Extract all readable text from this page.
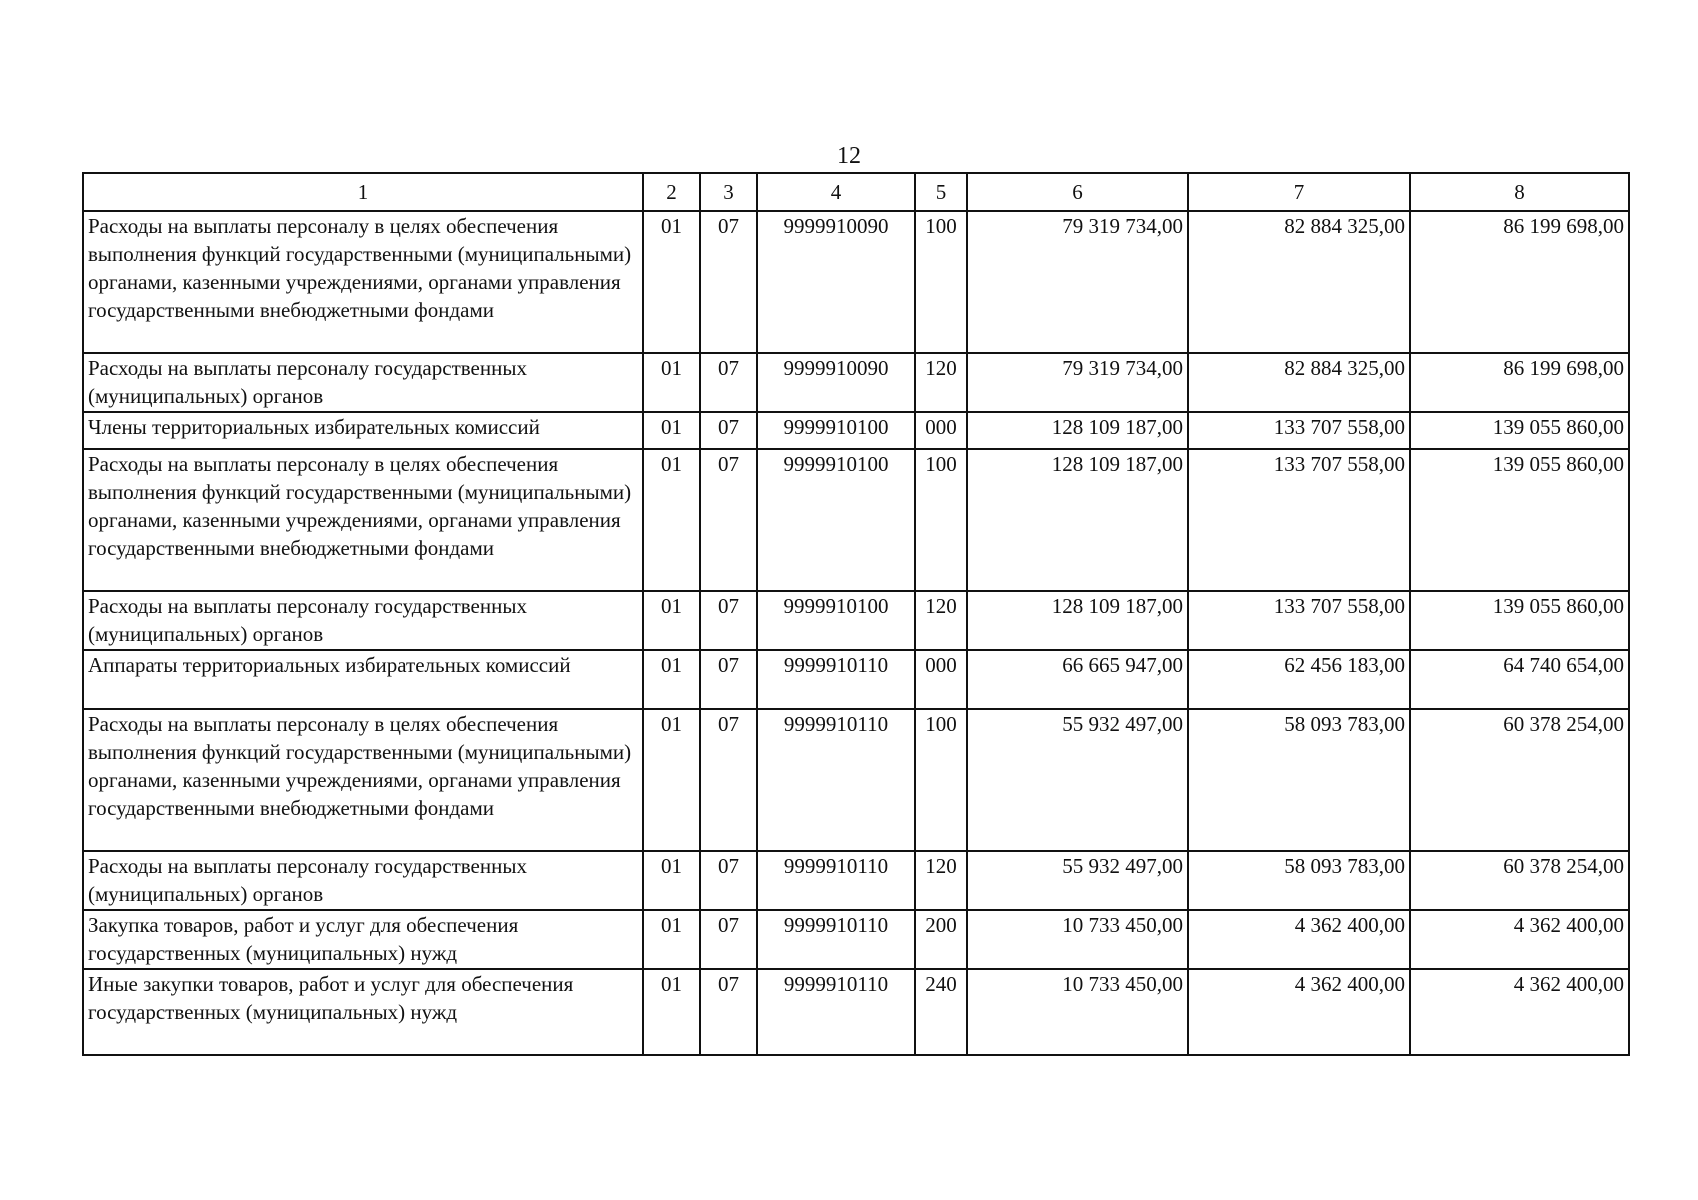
12
1	2	3	4	5	6	7	8
Расходы на выплаты персоналу в целях обеспечения выполнения функций государственными (муниципальными) органами, казенными учреждениями, органами управления государственными внебюджетными фондами	01	07	9999910090	100	79 319 734,00	82 884 325,00	86 199 698,00
Расходы на выплаты персоналу государственных (муниципальных) органов	01	07	9999910090	120	79 319 734,00	82 884 325,00	86 199 698,00
Члены территориальных избирательных комиссий	01	07	9999910100	000	128 109 187,00	133 707 558,00	139 055 860,00
Расходы на выплаты персоналу в целях обеспечения выполнения функций государственными (муниципальными) органами, казенными учреждениями, органами управления государственными внебюджетными фондами	01	07	9999910100	100	128 109 187,00	133 707 558,00	139 055 860,00
Расходы на выплаты персоналу государственных (муниципальных) органов	01	07	9999910100	120	128 109 187,00	133 707 558,00	139 055 860,00
Аппараты территориальных избирательных комиссий	01	07	9999910110	000	66 665 947,00	62 456 183,00	64 740 654,00
Расходы на выплаты персоналу в целях обеспечения выполнения функций государственными (муниципальными) органами, казенными учреждениями, органами управления государственными внебюджетными фондами	01	07	9999910110	100	55 932 497,00	58 093 783,00	60 378 254,00
Расходы на выплаты персоналу государственных (муниципальных) органов	01	07	9999910110	120	55 932 497,00	58 093 783,00	60 378 254,00
Закупка товаров, работ и услуг для обеспечения государственных (муниципальных) нужд	01	07	9999910110	200	10 733 450,00	4 362 400,00	4 362 400,00
Иные закупки товаров, работ и услуг для обеспечения государственных (муниципальных) нужд	01	07	9999910110	240	10 733 450,00	4 362 400,00	4 362 400,00
